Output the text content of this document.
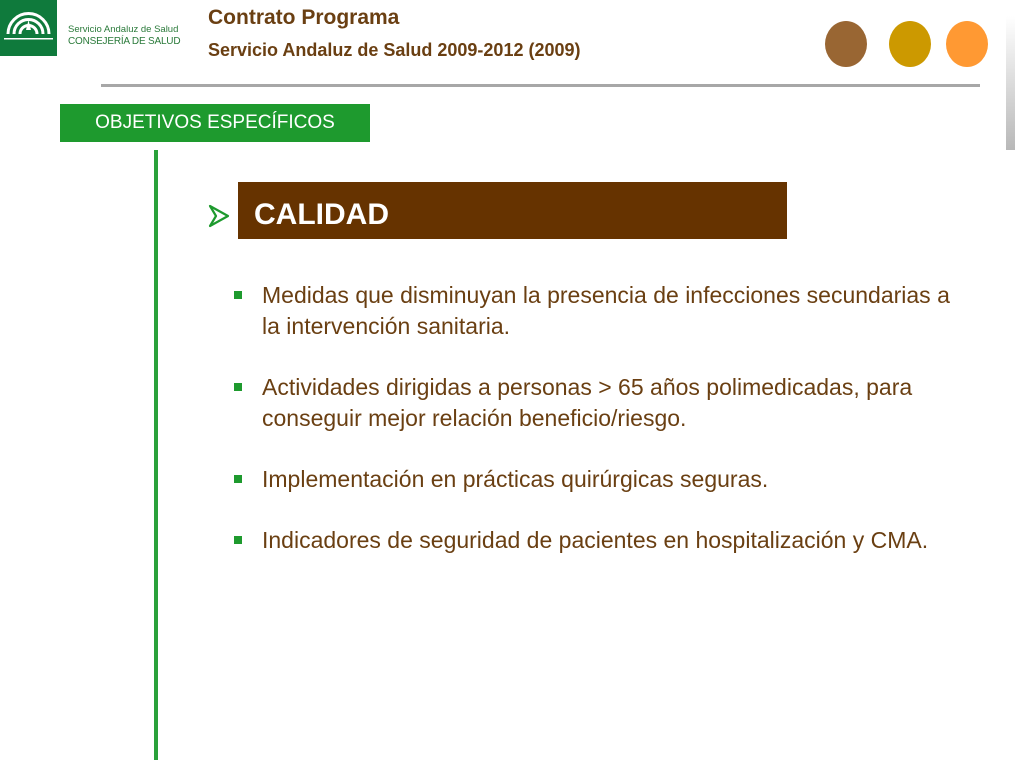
Servicio Andaluz de Salud
CONSEJERÍA DE SALUD
Contrato Programa
Servicio Andaluz de Salud 2009-2012 (2009)
OBJETIVOS ESPECÍFICOS
CALIDAD
Medidas que disminuyan la presencia de infecciones secundarias a la intervención sanitaria.
Actividades dirigidas a personas > 65 años polimedicadas, para conseguir mejor relación beneficio/riesgo.
Implementación en prácticas quirúrgicas seguras.
Indicadores de seguridad de pacientes en hospitalización y CMA.
